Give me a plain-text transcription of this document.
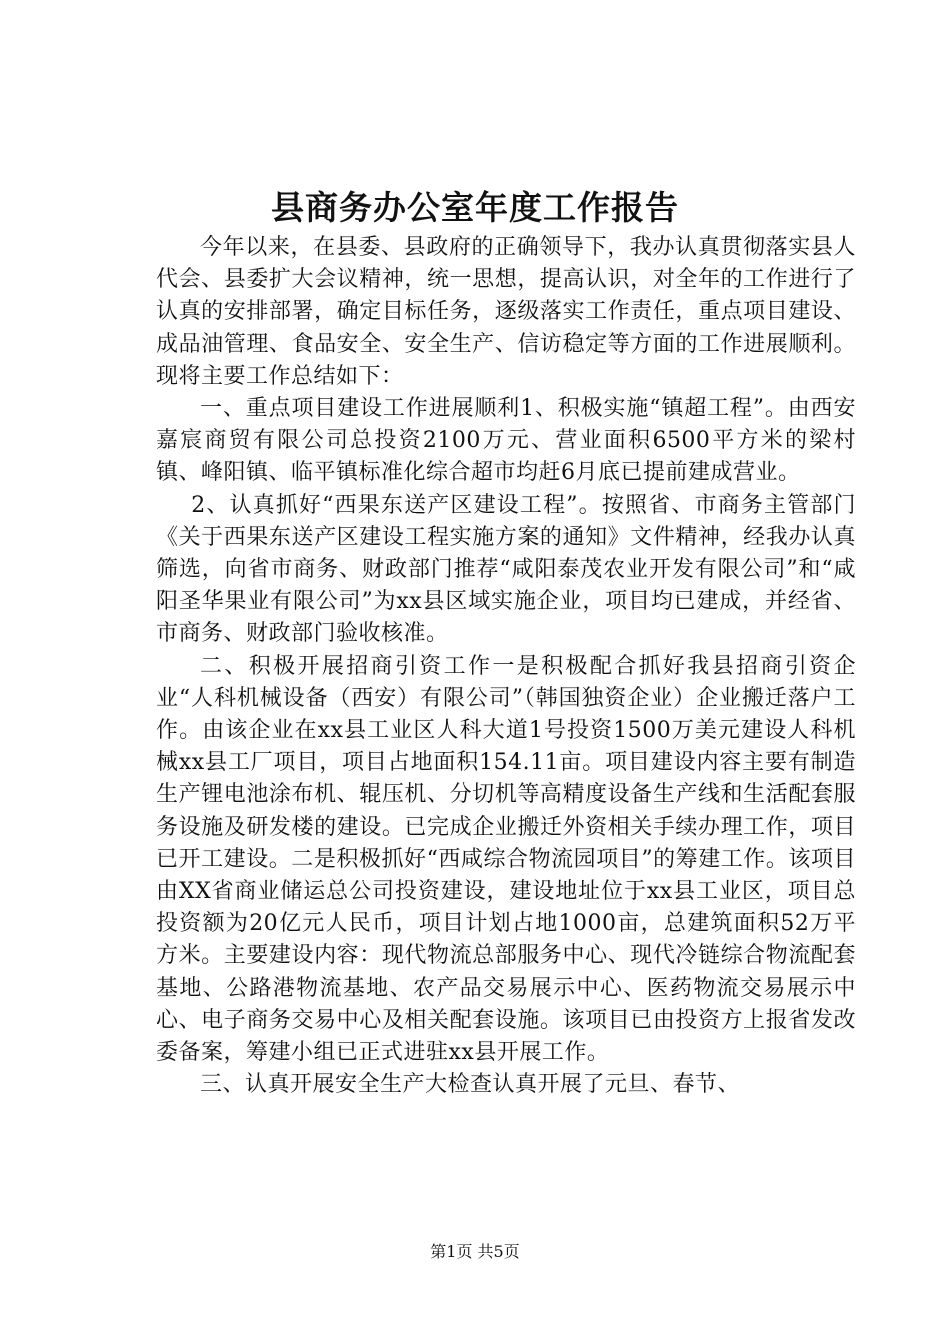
县商务办公室年度工作报告

今年以来，在县委、县政府的正确领导下，我办认真贯彻落实县人代会、县委扩大会议精神，统一思想，提高认识，对全年的工作进行了认真的安排部署，确定目标任务，逐级落实工作责任，重点项目建设、成品油管理、食品安全、安全生产、信访稳定等方面的工作进展顺利。现将主要工作总结如下：

一、重点项目建设工作进展顺利1、积极实施“镇超工程”。由西安嘉宸商贸有限公司总投资2100万元、营业面积6500平方米的梁村镇、峰阳镇、临平镇标准化综合超市均赶6月底已提前建成营业。

2、认真抓好“西果东送产区建设工程”。按照省、市商务主管部门《关于西果东送产区建设工程实施方案的通知》文件精神，经我办认真筛选，向省市商务、财政部门推荐“咸阳泰茂农业开发有限公司”和“咸阳圣华果业有限公司”为xx县区域实施企业，项目均已建成，并经省、市商务、财政部门验收核准。

二、积极开展招商引资工作一是积极配合抓好我县招商引资企业“人科机械设备（西安）有限公司”（韩国独资企业）企业搬迁落户工作。由该企业在xx县工业区人科大道1号投资1500万美元建设人科机械xx县工厂项目，项目占地面积154.11亩。项目建设内容主要有制造生产锂电池涂布机、辊压机、分切机等高精度设备生产线和生活配套服务设施及研发楼的建设。已完成企业搬迁外资相关手续办理工作，项目已开工建设。二是积极抓好“西咸综合物流园项目”的筹建工作。该项目由XX省商业储运总公司投资建设，建设地址位于xx县工业区，项目总投资额为20亿元人民币，项目计划占地1000亩，总建筑面积52万平方米。主要建设内容：现代物流总部服务中心、现代冷链综合物流配套基地、公路港物流基地、农产品交易展示中心、医药物流交易展示中心、电子商务交易中心及相关配套设施。该项目已由投资方上报省发改委备案，筹建小组已正式进驻xx县开展工作。

三、认真开展安全生产大检查认真开展了元旦、春节、

第1页 共5页
